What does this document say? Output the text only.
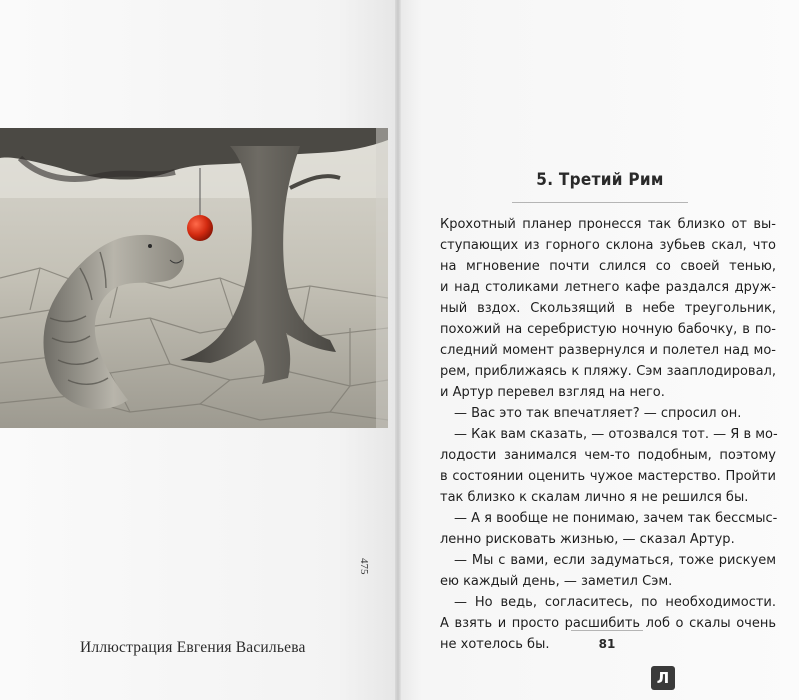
475
Иллюстрация Евгения Васильева
5. Третий Рим
Крохотный планер пронесся так близко от вы-
ступающих из горного склона зубьев скал, что
на мгновение почти слился со своей тенью,
и над столиками летнего кафе раздался друж-
ный вздох. Скользящий в небе треугольник,
похожий на серебристую ночную бабочку, в по-
следний момент развернулся и полетел над мо-
рем, приближаясь к пляжу. Сэм зааплодировал,
и Артур перевел взгляд на него.
— Вас это так впечатляет? — спросил он.
— Как вам сказать, — отозвался тот. — Я в мо-
лодости занимался чем-то подобным, поэтому
в состоянии оценить чужое мастерство. Пройти
так близко к скалам лично я не решился бы.
— А я вообще не понимаю, зачем так бессмыс-
ленно рисковать жизнью, — сказал Артур.
— Мы с вами, если задуматься, тоже рискуем
ею каждый день, — заметил Сэм.
— Но ведь, согласитесь, по необходимости.
А взять и просто расшибить лоб о скалы очень
не хотелось бы.	81
Л
